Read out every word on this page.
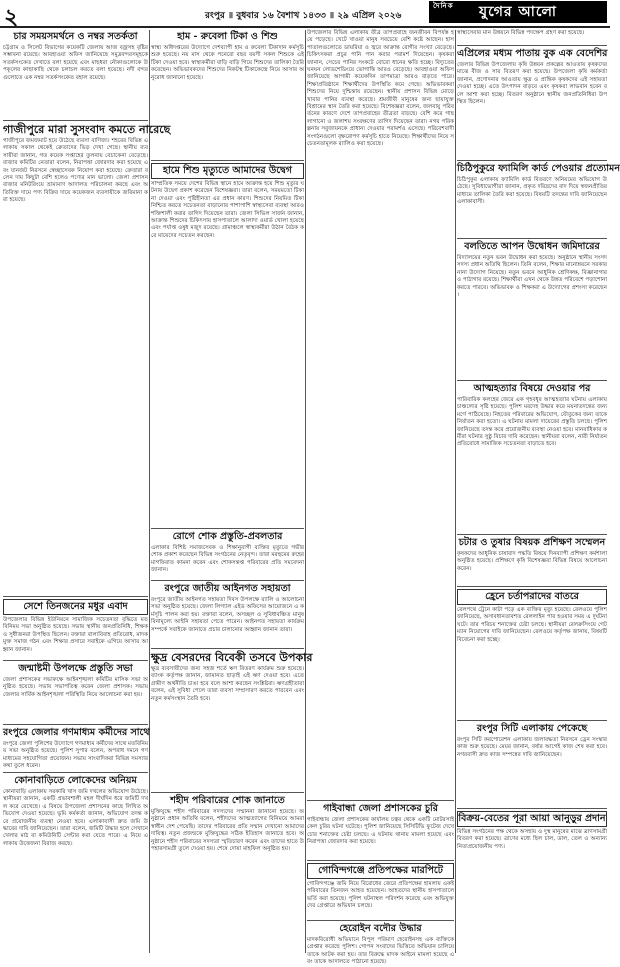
২	রংপুর ॥ বুধবার ১৬ বৈশাখ ১৪৩৩ ॥ ২৯ এপ্রিল ২০২৬
দৈনিক যুগের আলো
চার সময়সমর্থনে ও নম্বর সতর্কতা
চট্টগ্রাম ও সিলেট বিভাগের কয়েকটি জেলায় আজ বজ্রসহ বৃষ্টির সম্ভাবনা রয়েছে। আবহাওয়া অফিস জানিয়েছে সমুদ্রবন্দরসমূহকে সতর্কসংকেত দেখাতে বলা হয়েছে এবং মাছধরা নৌকাগুলোকে উপকূলের কাছাকাছি থেকে চলাচল করতে বলা হয়েছে। নদী বন্দরগুলোতে এক নম্বর সতর্কসংকেত বহাল রয়েছে।
গাজীপুরে মারা সুসংবাদ কমতে নারেছে
গাজীপুরে জমজমাট হয়ে উঠেছে ব্যবসা বাণিজ্য। শহরের বিভিন্ন এলাকায় সকাল থেকেই ক্রেতাদের ভিড় দেখা গেছে। স্থানীয় ব্যবসায়ীরা জানান, গত কয়েক সপ্তাহের তুলনায় বেচাকেনা বেড়েছে। বাজার কমিটির নেতারা বলেন, নিরাপত্তা জোরদার করা হয়েছে এবং যানজট নিরসনে স্বেচ্ছাসেবক নিয়োগ করা হয়েছে। ক্রেতারা বলেন দাম কিছুটা বেশি হলেও পণ্যের মান ভালো। জেলা প্রশাসন বাজার মনিটরিংয়ে ভ্রাম্যমাণ আদালত পরিচালনা করছে এবং অতিরিক্ত দামে পণ্য বিক্রির দায়ে কয়েকজন ব্যবসায়ীকে জরিমানা করা হয়েছে।
সেশে তিনজনের মধুর এবাদ
উপজেলার বিভিন্ন ইউনিয়নে সামাজিক সচেতনতা বৃদ্ধিতে মতবিনিময় সভা অনুষ্ঠিত হয়েছে। সভায় স্থানীয় জনপ্রতিনিধি, শিক্ষক ও সুধীজনরা উপস্থিত ছিলেন। বক্তারা বাল্যবিবাহ প্রতিরোধ, মাদকমুক্ত সমাজ গঠন এবং শিক্ষার প্রসারে সবাইকে এগিয়ে আসার আহ্বান জানান।
জন্মাষ্টমী উপলক্ষে প্রস্তুতি সভা
জেলা প্রশাসকের সভাকক্ষে আইনশৃঙ্খলা কমিটির মাসিক সভা অনুষ্ঠিত হয়েছে। সভায় সভাপতিত্ব করেন জেলা প্রশাসক। সভায় জেলার সার্বিক আইনশৃঙ্খলা পরিস্থিতি নিয়ে আলোচনা করা হয়।
রংপুরে জেলার গণমাধ্যম কর্মীদের সাথে
রংপুরে জেলা পুলিশের উদ্যোগে গণমাধ্যম কর্মীদের সাথে মতবিনিময় সভা অনুষ্ঠিত হয়েছে। পুলিশ সুপার বলেন, অপরাধ দমনে গণমাধ্যমের সহযোগিতা প্রয়োজন। সভায় সাংবাদিকরা বিভিন্ন সমস্যার কথা তুলে ধরেন।
কোনাবাড়িতে লোকেদের অনিয়ম
কোনাবাড়ি এলাকায় সরকারি খাস জমি দখলের অভিযোগ উঠেছে। স্থানীয়রা জানান, একটি প্রভাবশালী মহল দীর্ঘদিন ধরে জমিটি দখল করে রেখেছে। এ বিষয়ে উপজেলা প্রশাসনের কাছে লিখিত অভিযোগ দেওয়া হয়েছে। ভূমি কর্মকর্তা জানান, অভিযোগ তদন্ত করে প্রয়োজনীয় ব্যবস্থা নেওয়া হবে। এলাকাবাসী দ্রুত জমি উদ্ধারের দাবি জানিয়েছেন। তারা বলেন, জমিটি উদ্ধার হলে সেখানে খেলার মাঠ বা কমিউনিটি সেন্টার করা যেতে পারে। এ নিয়ে এলাকায় উত্তেজনা বিরাজ করছে।
হাম - রুবেলা টিকা ও শিশু
স্বাস্থ্য অধিদপ্তরের উদ্যোগে দেশব্যাপী হাম ও রুবেলা টিকাদান কর্মসূচি শুরু হয়েছে। নয় মাস থেকে পনেরো বছর বয়সী সকল শিশুকে এই টিকা দেওয়া হবে। স্বাস্থ্যকর্মীরা বাড়ি বাড়ি গিয়ে শিশুদের তালিকা তৈরি করেছেন। অভিভাবকদের শিশুদের নিকটস্থ টিকাকেন্দ্রে নিয়ে আসার অনুরোধ জানানো হয়েছে।
হামে শিশু মৃত্যুতে আমাদের উদ্বেগ
সাম্প্রতিক সময়ে দেশের বিভিন্ন স্থানে হামে আক্রান্ত হয়ে শিশু মৃত্যুর ঘটনায় উদ্বেগ প্রকাশ করেছেন বিশেষজ্ঞরা। তারা বলেন, সময়মতো টিকা না দেওয়া এবং পুষ্টিহীনতা এর প্রধান কারণ। শিশুদের নিয়মিত টিকা নিশ্চিত করতে সচেতনতা বাড়ানোর পাশাপাশি স্বাস্থ্যসেবা ব্যবস্থা আরও শক্তিশালী করার তাগিদ দিয়েছেন তারা। জেলা সিভিল সার্জন জানান, আক্রান্ত শিশুদের চিকিৎসায় হাসপাতালে আলাদা ওয়ার্ড খোলা হয়েছে এবং পর্যাপ্ত ওষুধ মজুদ রয়েছে। গ্রামাঞ্চলে স্বাস্থ্যকর্মীরা উঠান বৈঠক করে মায়েদের সচেতন করছেন।
রোগে শোক প্রস্তুতি-প্রবলতার
এলাকার বিশিষ্ট সমাজসেবক ও শিক্ষানুরাগী ব্যক্তির মৃত্যুতে গভীর শোক প্রকাশ করেছেন বিভিন্ন সংগঠনের নেতৃবৃন্দ। তারা মরহুমের রুহের মাগফিরাত কামনা করেন এবং শোকসন্তপ্ত পরিবারের প্রতি সমবেদনা জানান।
রংপুরে জাতীয় আইনগত সহায়তা
রংপুরে জাতীয় আইনগত সহায়তা দিবস উপলক্ষে র‌্যালি ও আলোচনা সভা অনুষ্ঠিত হয়েছে। জেলা লিগ্যাল এইড অফিসের আয়োজনে এ কর্মসূচি পালন করা হয়। বক্তারা বলেন, অসচ্ছল ও সুবিধাবঞ্চিত মানুষ বিনামূল্যে আইনি সহায়তা পেতে পারেন। আইনগত সহায়তা কার্যক্রম সম্পর্কে সবাইকে জানাতে প্রচার চালানোর আহ্বান জানান তারা।
ক্ষুদ্র বেসরদের বিবেকী তসবে উপকার
ক্ষুদ্র ব্যবসায়ীদের জন্য সহজ শর্তে ঋণ বিতরণ কার্যক্রম শুরু হয়েছে। ব্যাংক কর্তৃপক্ষ জানান, জামানত ছাড়াই এই ঋণ দেওয়া হবে। এতে গ্রামীণ অর্থনীতি চাঙা হবে বলে আশা করছেন সংশ্লিষ্টরা। ঋণগ্রহীতারা বলেন, এই সুবিধা পেলে তারা ব্যবসা সম্প্রসারণ করতে পারবেন এবং নতুন কর্মসংস্থান তৈরি হবে।
শহীদ পরিবারের শোক জানাতে
মুক্তিযুদ্ধে শহীদ পরিবারের সদস্যদের সম্মাননা জানানো হয়েছে। অনুষ্ঠানে প্রধান অতিথি বলেন, শহীদদের আত্মত্যাগের বিনিময়ে আমরা স্বাধীন দেশ পেয়েছি। তাদের পরিবারের প্রতি সম্মান দেখানো আমাদের দায়িত্ব। নতুন প্রজন্মকে মুক্তিযুদ্ধের সঠিক ইতিহাস জানাতে হবে। অনুষ্ঠানে শহীদ পরিবারের সদস্যরা স্মৃতিচারণ করেন এবং তাদের হাতে উপহারসামগ্রী তুলে দেওয়া হয়। শেষে দোয়া মাহফিল অনুষ্ঠিত হয়।
উপজেলার বিভিন্ন এলাকায় তীব্র তাপপ্রবাহে জনজীবন বিপর্যস্ত হয়ে পড়েছে। খেটে খাওয়া মানুষ সবচেয়ে বেশি কষ্টে আছেন। হাসপাতালগুলোতে ডায়রিয়া ও জ্বরে আক্রান্ত রোগীর সংখ্যা বেড়েছে। চিকিৎসকরা প্রচুর পানি পান করার পরামর্শ দিয়েছেন। কৃষকরা জানান, সেচের পানির সংকটে বোরো ধানের ক্ষতি হচ্ছে। বিদ্যুতের ঘনঘন লোডশেডিংয়ে ভোগান্তি আরও বেড়েছে। আবহাওয়া অফিস জানিয়েছে আগামী কয়েকদিন তাপমাত্রা আরও বাড়তে পারে। শিক্ষাপ্রতিষ্ঠানে শিক্ষার্থীদের উপস্থিতি কমে গেছে। অভিভাবকরা শিশুদের নিয়ে দুশ্চিন্তায় রয়েছেন। স্থানীয় প্রশাসন বিভিন্ন মোড়ে খাবার পানির ব্যবস্থা করেছে। শ্রমজীবী মানুষের জন্য ছায়াযুক্ত বিশ্রামের স্থান তৈরি করা হয়েছে। বিশেষজ্ঞরা বলেন, জলবায়ু পরিবর্তনের কারণে দেশে তাপপ্রবাহের তীব্রতা বাড়ছে। বেশি করে গাছ লাগানো ও জলাশয় সংরক্ষণের তাগিদ দিয়েছেন তারা। নগর পরিকল্পনায় সবুজায়নকে প্রাধান্য দেওয়ার পরামর্শও এসেছে। পরিবেশবাদী সংগঠনগুলো বৃক্ষরোপণ কর্মসূচি হাতে নিয়েছে। শিক্ষার্থীদের নিয়ে সচেতনতামূলক র‌্যালিও করা হয়েছে।
গাইবান্ধা জেলা প্রশাসকের চুরি
গাইবান্ধায় জেলা প্রশাসকের কার্যালয় চত্বর থেকে একটি মোটরসাইকেল চুরির ঘটনা ঘটেছে। পুলিশ জানিয়েছে সিসিটিভি ফুটেজ দেখে চোর শনাক্তের চেষ্টা চলছে। এ ঘটনায় থানায় মামলা হয়েছে এবং নিরাপত্তা জোরদার করা হয়েছে।
গোবিন্দগঞ্জে প্রতিপক্ষের মারপিটে
গোবিন্দগঞ্জে জমি নিয়ে বিরোধের জেরে প্রতিপক্ষের হামলায় একই পরিবারের তিনজন আহত হয়েছেন। আহতদের স্থানীয় হাসপাতালে ভর্তি করা হয়েছে। পুলিশ ঘটনাস্থল পরিদর্শন করেছে এবং অভিযুক্তদের গ্রেপ্তারে অভিযান চলছে।
হেরোইন বদৌর উদ্ধার
মাদকবিরোধী অভিযানে বিপুল পরিমাণ হেরোইনসহ এক ব্যক্তিকে গ্রেপ্তার করেছে পুলিশ। গোপন সংবাদের ভিত্তিতে অভিযান চালিয়ে তাকে আটক করা হয়। তার বিরুদ্ধে মাদক আইনে মামলা হয়েছে এবং তাকে আদালতে পাঠানো হয়েছে।
স্বাস্থ্যসেবার মান উন্নয়নে বিভিন্ন পদক্ষেপ গ্রহণ করা হয়েছে।
এপ্রিলের মধ্যম পাতায় বুক এক বেদেশির
জেলার বিভিন্ন উপজেলায় কৃষি উন্নয়ন প্রকল্পের আওতায় কৃষকদের মাঝে বীজ ও সার বিতরণ করা হয়েছে। উপজেলা কৃষি কর্মকর্তা জানান, প্রণোদনার আওতায় ক্ষুদ্র ও প্রান্তিক কৃষকদের এই সহায়তা দেওয়া হচ্ছে। এতে উৎপাদন বাড়বে এবং কৃষকরা লাভবান হবেন বলে আশা করা হচ্ছে। বিতরণ অনুষ্ঠানে স্থানীয় জনপ্রতিনিধিরা উপস্থিত ছিলেন।
চিঠিপুকুরে ফ্যামিলি কার্ড পেওয়ার প্রত্যোমন
চিঠিপুকুর এলাকায় ফ্যামিলি কার্ড বিতরণে অনিয়মের অভিযোগ উঠেছে। সুবিধাভোগীরা জানান, প্রকৃত দরিদ্রদের বাদ দিয়ে স্বজনপ্রীতির মাধ্যমে তালিকা তৈরি করা হয়েছে। বিষয়টি তদন্তের দাবি জানিয়েছেন এলাকাবাসী।
বলতিতে আপন উদ্বোধন জমিদারের
বিদ্যালয়ের নতুন ভবন উদ্বোধন করা হয়েছে। অনুষ্ঠানে স্থানীয় সংসদ সদস্য প্রধান অতিথি ছিলেন। তিনি বলেন, শিক্ষার মানোন্নয়নে সরকার নানা উদ্যোগ নিয়েছে। নতুন ভবনে আধুনিক শ্রেণিকক্ষ, বিজ্ঞানাগার ও পাঠাগার রয়েছে। শিক্ষার্থীরা এখন থেকে উন্নত পরিবেশে পড়াশোনা করতে পারবে। অভিভাবক ও শিক্ষকরা এ উদ্যোগের প্রশংসা করেছেন।
আত্মহত্যার বিষয়ে দেওয়ার পর
পারিবারিক কলহের জেরে এক গৃহবধূর আত্মহত্যার ঘটনায় এলাকায় চাঞ্চল্যের সৃষ্টি হয়েছে। পুলিশ মরদেহ উদ্ধার করে ময়নাতদন্তের জন্য মর্গে পাঠিয়েছে। নিহতের পরিবারের অভিযোগ, যৌতুকের জন্য তাকে নির্যাতন করা হতো। এ ঘটনায় মামলা দায়েরের প্রস্তুতি চলছে। পুলিশ জানিয়েছে তদন্ত করে প্রয়োজনীয় ব্যবস্থা নেওয়া হবে। মানবাধিকার কর্মীরা ঘটনার সুষ্ঠু বিচার দাবি করেছেন। স্থানীয়রা বলেন, নারী নির্যাতন প্রতিরোধে সামাজিক সচেতনতা বাড়াতে হবে।
চটার ও তুষার বিষয়ক প্রশিক্ষণ সম্মেলন
কৃষকদের আধুনিক চাষাবাদ পদ্ধতি বিষয়ে দিনব্যাপী প্রশিক্ষণ কর্মশালা অনুষ্ঠিত হয়েছে। প্রশিক্ষণে কৃষি বিশেষজ্ঞরা বিভিন্ন বিষয়ে আলোচনা করেন।
হ্রেনে চর্তাপরাদের বাতরে
রেলপথে ট্রেনে কাটা পড়ে এক ব্যক্তির মৃত্যু হয়েছে। রেলওয়ে পুলিশ জানিয়েছে, অসাবধানতাবশত রেললাইন পার হওয়ার সময় এ দুর্ঘটনা ঘটে। তার পরিচয় শনাক্তের চেষ্টা চলছে। স্থানীয়রা রেলক্রসিংয়ে গেটম্যান নিয়োগের দাবি জানিয়েছেন। রেলওয়ে কর্তৃপক্ষ জানায়, বিষয়টি বিবেচনা করা হচ্ছে।
রংপুর সিটি এলাকায় পেকেছে
রংপুর সিটি করপোরেশন এলাকায় জলাবদ্ধতা নিরসনে ড্রেন সংস্কার কাজ শুরু হয়েছে। মেয়র জানান, বর্ষার আগেই কাজ শেষ করা হবে। নগরবাসী দ্রুত কাজ সম্পন্নের দাবি জানিয়েছেন।
বিক্রয়-বেতের পূরা আয়া আনুড়ুর প্রদান
বিভিন্ন সংগঠনের পক্ষ থেকে অসহায় ও দুস্থ মানুষের মাঝে ত্রাণসামগ্রী বিতরণ করা হয়েছে। ত্রাণের মধ্যে ছিল চাল, ডাল, তেল ও অন্যান্য নিত্যপ্রয়োজনীয় পণ্য।
